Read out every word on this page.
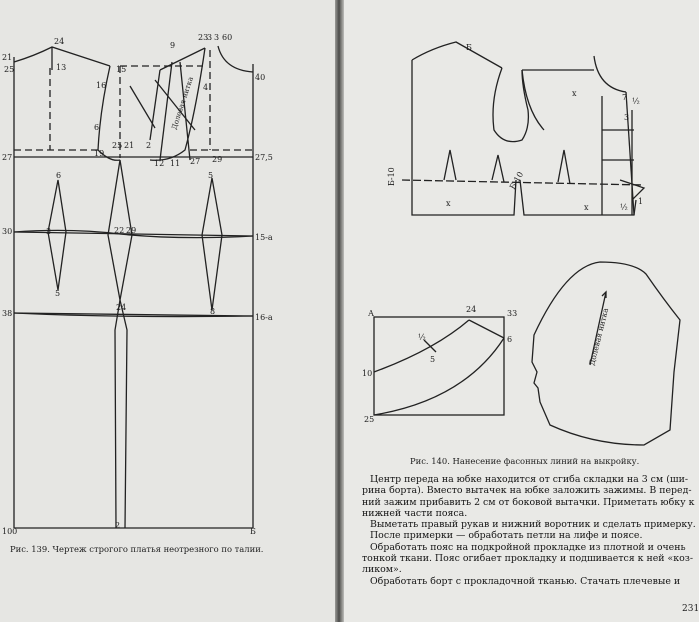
24
21
25	13	15
16
6
9
23
3 3 60
40
4
19
2
12 11 27 29	27,5
25 21
27
6	5
3
30	22 29
15-a
5
8
38
24
16-a
100
2
Б
Долевая нитка
Рис. 139. Чертеж строгого платья неотрезного по талии.
Б
Б-10	Б-10
х
х
х
7
3
½
½
1
А
10
24	33
6
25
½
5	Долевая нитка
Рис. 140. Нанесение фасонных линий на выкройку.

Центр переда на юбке находится от сгиба складки на 3 см (ши-

рина борта). Вместо вытачек на юбке заложить зажимы. В перед-

ний зажим прибавить 2 см от боковой вытачки. Приметать юбку к

нижней части пояса.

Выметать правый рукав и нижний воротник и сделать примерку.

После примерки — обработать петли на лифе и поясе.

Обработать пояс на подкройной прокладке из плотной и очень

тонкой ткани. Пояс огибает прокладку и подшивается к ней «коз-

ликом».

Обработать борт с прокладочной тканью. Стачать плечевые и

231
